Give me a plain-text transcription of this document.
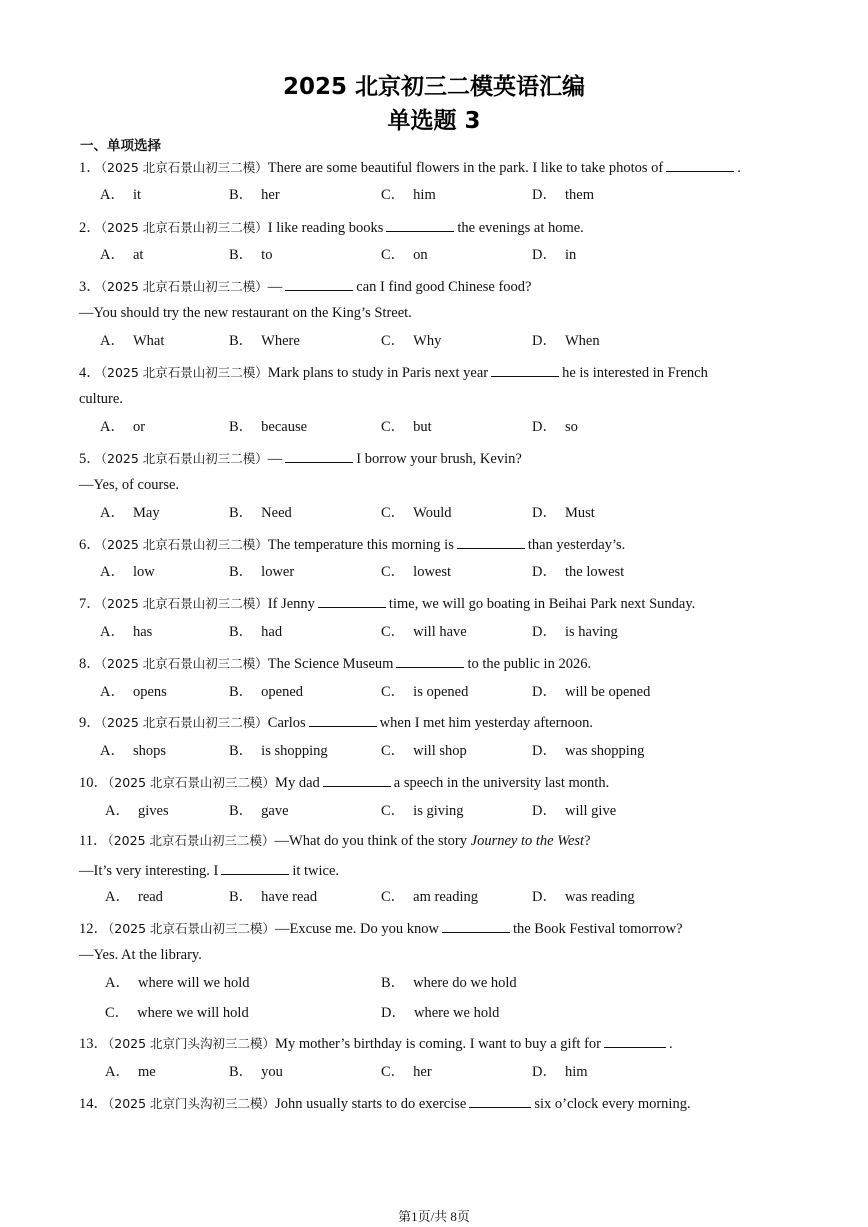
2025 北京初三二模英语汇编
单选题 3
一、单项选择
1．（2025 北京石景山初三二模）There are some beautiful flowers in the park. I like to take photos of	.
A． it	B． her	C． him	D． them
2．（2025 北京石景山初三二模）I like reading books	the evenings at home.
A． at	B． to	C． on	D． in
3．（2025 北京石景山初三二模）—	can I find good Chinese food?
—You should try the new restaurant on the King’s Street.
A． What	B． Where	C． Why	D． When
4．（2025 北京石景山初三二模）Mark plans to study in Paris next year	he is interested in French
culture.
A． or	B． because	C． but	D． so
5．（2025 北京石景山初三二模）—	I borrow your brush, Kevin?
—Yes, of course.
A． May	B． Need	C． Would	D． Must
6．（2025 北京石景山初三二模）The temperature this morning is	than yesterday’s.
A． low	B． lower	C． lowest	D． the lowest
7．（2025 北京石景山初三二模）If Jenny	time, we will go boating in Beihai Park next Sunday.
A． has	B． had	C． will have	D． is having
8．（2025 北京石景山初三二模）The Science Museum	to the public in 2026.
A． opens	B． opened	C． is opened	D． will be opened
9．（2025 北京石景山初三二模）Carlos	when I met him yesterday afternoon.
A． shops	B． is shopping	C． will shop	D． was shopping
10．（2025 北京石景山初三二模）My dad	a speech in the university last month.
A． gives	B． gave	C． is giving	D． will give
11．（2025 北京石景山初三二模）—What do you think of the story Journey to the West?
—It’s very interesting. I	it twice.
A． read	B． have read	C． am reading	D． was reading
12．（2025 北京石景山初三二模）—Excuse me. Do you know	the Book Festival tomorrow?
—Yes. At the library.
A． where will we hold	B． where do we hold
C． where we will hold	D． where we hold
13．（2025 北京门头沟初三二模）My mother’s birthday is coming. I want to buy a gift for	.
A． me	B． you	C． her	D． him
14．（2025 北京门头沟初三二模）John usually starts to do exercise	six o’clock every morning.
第1页/共 8页
